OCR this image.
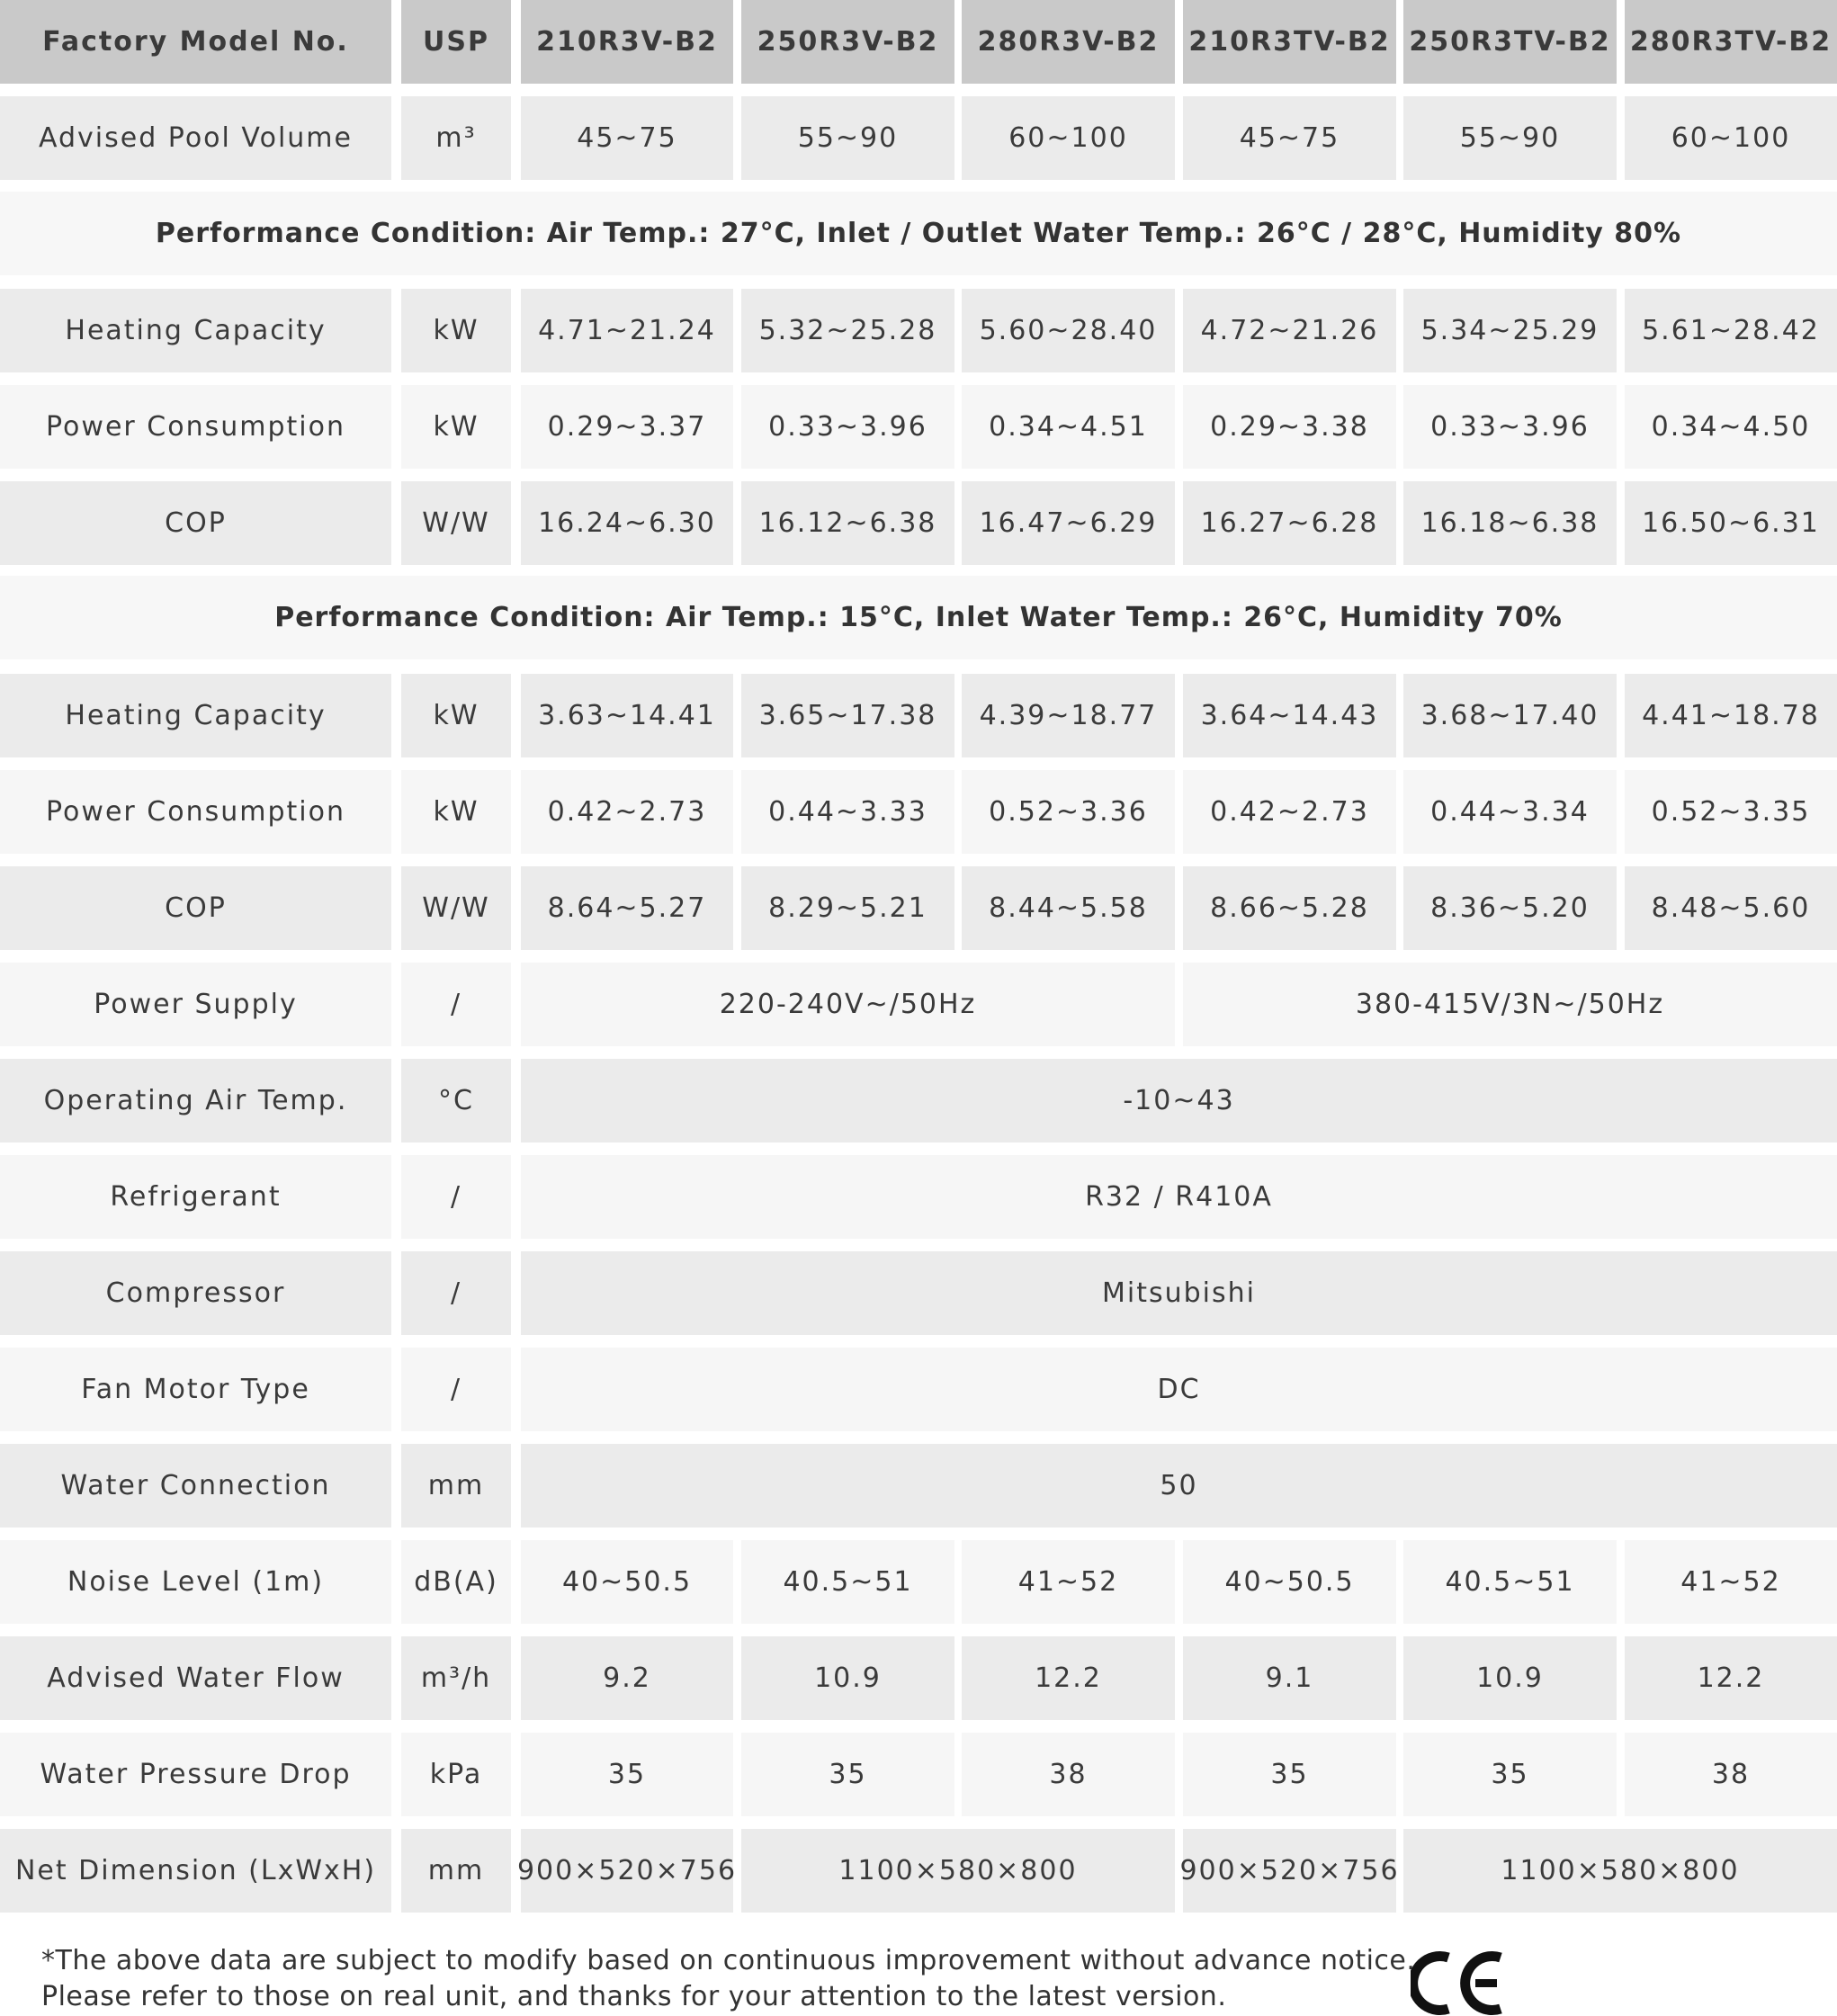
Factory Model No.	USP	210R3V-B2	250R3V-B2	280R3V-B2	210R3TV-B2 250R3TV-B2 280R3TV-B2
Advised Pool Volume	m³	45~75	55~90	60~100	45~75	55~90	60~100
Performance Condition: Air Temp.: 27°C, Inlet / Outlet Water Temp.: 26°C / 28°C, Humidity 80%
Heating Capacity	kW	4.71~21.24	5.32~25.28	5.60~28.40	4.72~21.26	5.34~25.29	5.61~28.42
Power Consumption	kW	0.29~3.37	0.33~3.96	0.34~4.51	0.29~3.38	0.33~3.96	0.34~4.50
COP	W/W	16.24~6.30	16.12~6.38	16.47~6.29	16.27~6.28	16.18~6.38	16.50~6.31
Performance Condition: Air Temp.: 15°C, Inlet Water Temp.: 26°C, Humidity 70%
Heating Capacity	kW	3.63~14.41	3.65~17.38	4.39~18.77	3.64~14.43	3.68~17.40	4.41~18.78
Power Consumption	kW	0.42~2.73	0.44~3.33	0.52~3.36	0.42~2.73	0.44~3.34	0.52~3.35
COP	W/W	8.64~5.27	8.29~5.21	8.44~5.58	8.66~5.28	8.36~5.20	8.48~5.60
Power Supply	/	220-240V~/50Hz	380-415V/3N~/50Hz
Operating Air Temp.	°C	-10~43
Refrigerant	/	R32 / R410A
Compressor	/	Mitsubishi
Fan Motor Type	/	DC
Water Connection	mm	50
Noise Level (1m)	dB(A)	40~50.5	40.5~51	41~52	40~50.5	40.5~51	41~52
Advised Water Flow	m³/h	9.2	10.9	12.2	9.1	10.9	12.2
Water Pressure Drop	kPa	35	35	38	35	35	38
Net Dimension (LxWxH)	mm	900×520×756	1100×580×800	900×520×756	1100×580×800
*The above data are subject to modify based on continuous improvement without advance notice.
Please refer to those on real unit, and thanks for your attention to the latest version.
